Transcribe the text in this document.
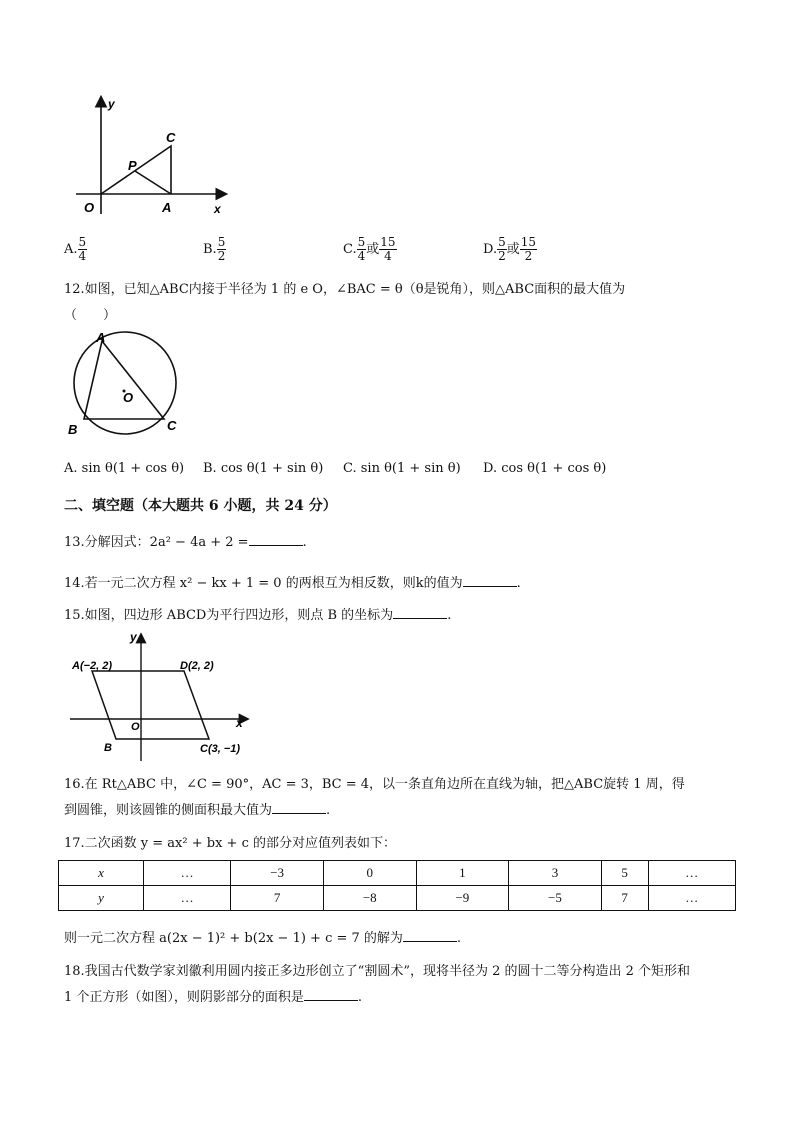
y
x
O	A
C
P
A. $\frac{5}{4}$	B. $\frac{5}{2}$	C. $\frac{5}{4}$ 或 $\frac{15}{4}$	D. $\frac{5}{2}$ 或 $\frac{15}{2}$
12.如图，已知△ABC内接于半径为 1 的 e O，∠BAC = θ（θ是锐角），则△ABC面积的最大值为
（　　）
A
B	C
O
A. sin θ(1 + cos θ) B. cos θ(1 + sin θ) C. sin θ(1 + sin θ) D. cos θ(1 + cos θ)
二、填空题（本大题共 6 小题，共 24 分）
13.分解因式：2a² − 4a + 2 =	.
14.若一元二次方程 x² − kx + 1 = 0 的两根互为相反数，则k的值为	.
15.如图，四边形 ABCD为平行四边形，则点 B 的坐标为	.
y
x
O
A(−2, 2)	D(2, 2)
B	C(3, −1)
16.在 Rt△ABC 中，∠C = 90°，AC = 3，BC = 4，以一条直角边所在直线为轴，把△ABC旋转 1 周，得
到圆锥，则该圆锥的侧面积最大值为	.
17.二次函数 y = ax² + bx + c 的部分对应值列表如下：
x	…	−3	0	1	3	5	…
y	…	7	−8	−9	−5	7	…
则一元二次方程 a(2x − 1)² + b(2x − 1) + c = 7 的解为	.
18.我国古代数学家刘徽利用圆内接正多边形创立了“割圆术”，现将半径为 2 的圆十二等分构造出 2 个矩形和
1 个正方形（如图），则阴影部分的面积是	.
